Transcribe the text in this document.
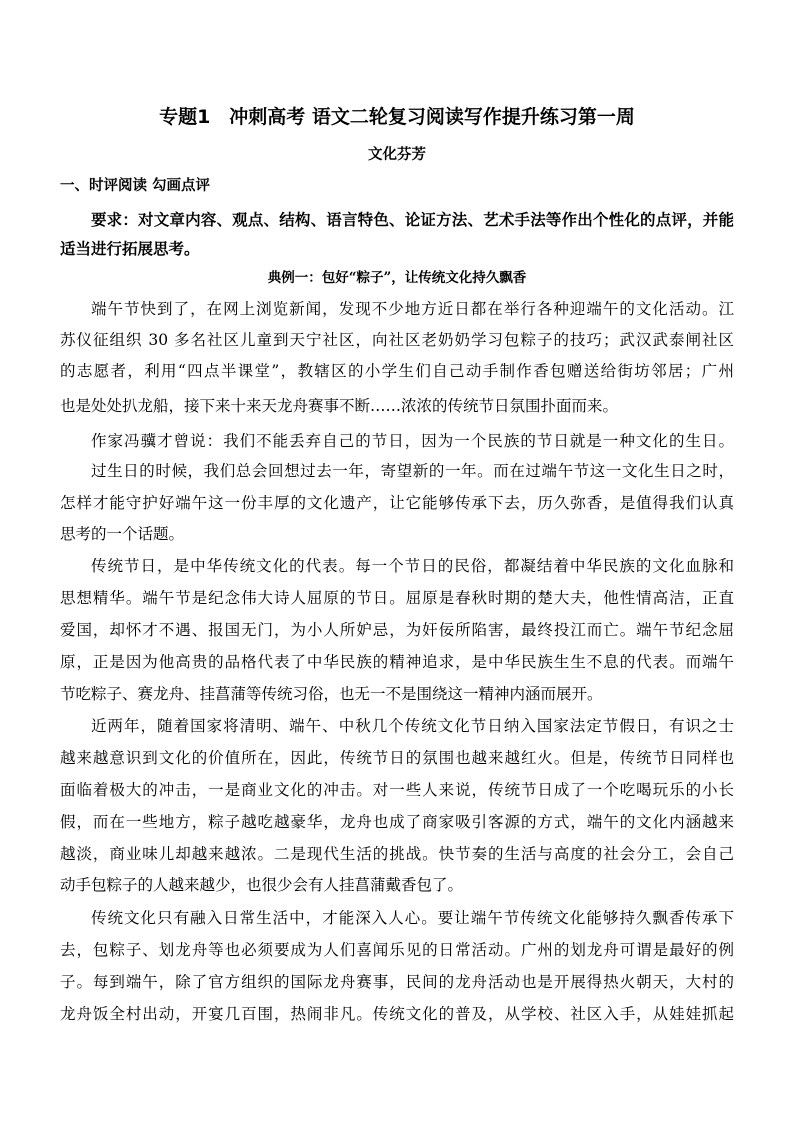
专题1　冲刺高考 语文二轮复习阅读写作提升练习第一周
文化芬芳
一、时评阅读 勾画点评
要求：对文章内容、观点、结构、语言特色、论证方法、艺术手法等作出个性化的点评，并能适当进行拓展思考。
典例一：包好“粽子”，让传统文化持久飘香
端午节快到了，在网上浏览新闻，发现不少地方近日都在举行各种迎端午的文化活动。江
苏仪征组织 30 多名社区儿童到天宁社区，向社区老奶奶学习包粽子的技巧；武汉武泰闸社区
的志愿者，利用“四点半课堂”，教辖区的小学生们自己动手制作香包赠送给街坊邻居；广州
也是处处扒龙船，接下来十来天龙舟赛事不断……浓浓的传统节日氛围扑面而来。
作家冯骥才曾说：我们不能丢弃自己的节日，因为一个民族的节日就是一种文化的生日。
过生日的时候，我们总会回想过去一年，寄望新的一年。而在过端午节这一文化生日之时，
怎样才能守护好端午这一份丰厚的文化遗产，让它能够传承下去，历久弥香，是值得我们认真
思考的一个话题。
传统节日，是中华传统文化的代表。每一个节日的民俗，都凝结着中华民族的文化血脉和
思想精华。端午节是纪念伟大诗人屈原的节日。屈原是春秋时期的楚大夫，他性情高洁，正直
爱国，却怀才不遇、报国无门，为小人所妒忌，为奸佞所陷害，最终投江而亡。端午节纪念屈
原，正是因为他高贵的品格代表了中华民族的精神追求，是中华民族生生不息的代表。而端午
节吃粽子、赛龙舟、挂菖蒲等传统习俗，也无一不是围绕这一精神内涵而展开。
近两年，随着国家将清明、端午、中秋几个传统文化节日纳入国家法定节假日，有识之士
越来越意识到文化的价值所在，因此，传统节日的氛围也越来越红火。但是，传统节日同样也
面临着极大的冲击，一是商业文化的冲击。对一些人来说，传统节日成了一个吃喝玩乐的小长
假，而在一些地方，粽子越吃越豪华，龙舟也成了商家吸引客源的方式，端午的文化内涵越来
越淡，商业味儿却越来越浓。二是现代生活的挑战。快节奏的生活与高度的社会分工，会自己
动手包粽子的人越来越少，也很少会有人挂菖蒲戴香包了。
传统文化只有融入日常生活中，才能深入人心。要让端午节传统文化能够持久飘香传承下
去，包粽子、划龙舟等也必须要成为人们喜闻乐见的日常活动。广州的划龙舟可谓是最好的例
子。每到端午，除了官方组织的国际龙舟赛事，民间的龙舟活动也是开展得热火朝天，大村的
龙舟饭全村出动，开宴几百围，热闹非凡。传统文化的普及，从学校、社区入手，从娃娃抓起
